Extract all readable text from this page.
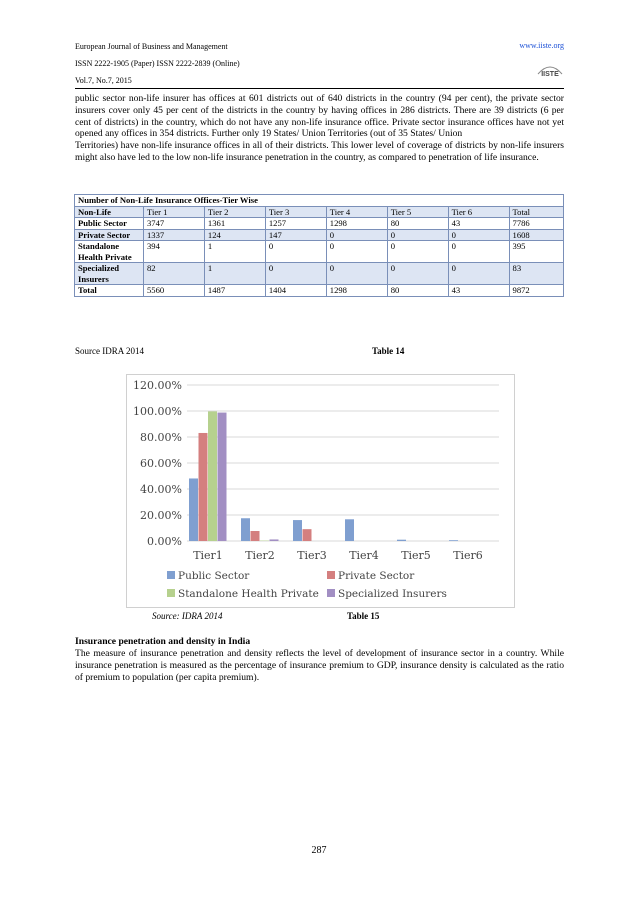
European Journal of Business and Management
ISSN 2222-1905 (Paper) ISSN 2222-2839 (Online)
Vol.7, No.7, 2015
www.iiste.org
IISTE

public sector non-life insurer has offices at 601 districts out of 640 districts in the country (94 per cent), the private sector insurers cover only 45 per cent of the districts in the country by having offices in 286 districts. There are 39 districts (6 per cent of districts) in the country, which do not have any non-life insurance office. Private sector insurance offices have not yet opened any offices in 354 districts. Further only 19 States/ Union Territories (out of 35 States/ Union

Territories) have non-life insurance offices in all of their districts. This lower level of coverage of districts by non-life insurers might also have led to the low non-life insurance penetration in the country, as compared to penetration of life insurance.

Number of Non-Life Insurance Offices-Tier Wise							
Non-Life	Tier 1	Tier 2	Tier 3	Tier 4	Tier 5	Tier 6	Total
Public Sector	3747	1361	1257	1298	80	43	7786
Private Sector	1337	124	147	0	0	0	1608
Standalone Health Private	394	1	0	0	0	0	395
Specialized Insurers	82	1	0	0	0	0	83
Total	5560	1487	1404	1298	80	43	9872
Source IDRA 2014	Table 14
0.00%
20.00%
40.00%
60.00%
80.00%
100.00%
120.00%
Tier1 Tier2 Tier3 Tier4 Tier5 Tier6
Public Sector	Private Sector
Standalone Health Private Specialized Insurers
Source: IDRA 2014	Table 15
Insurance penetration and density in India
The measure of insurance penetration and density reflects the level of development of insurance sector in a country. While insurance penetration is measured as the percentage of insurance premium to GDP, insurance density is calculated as the ratio of premium to population (per capita premium).
287
